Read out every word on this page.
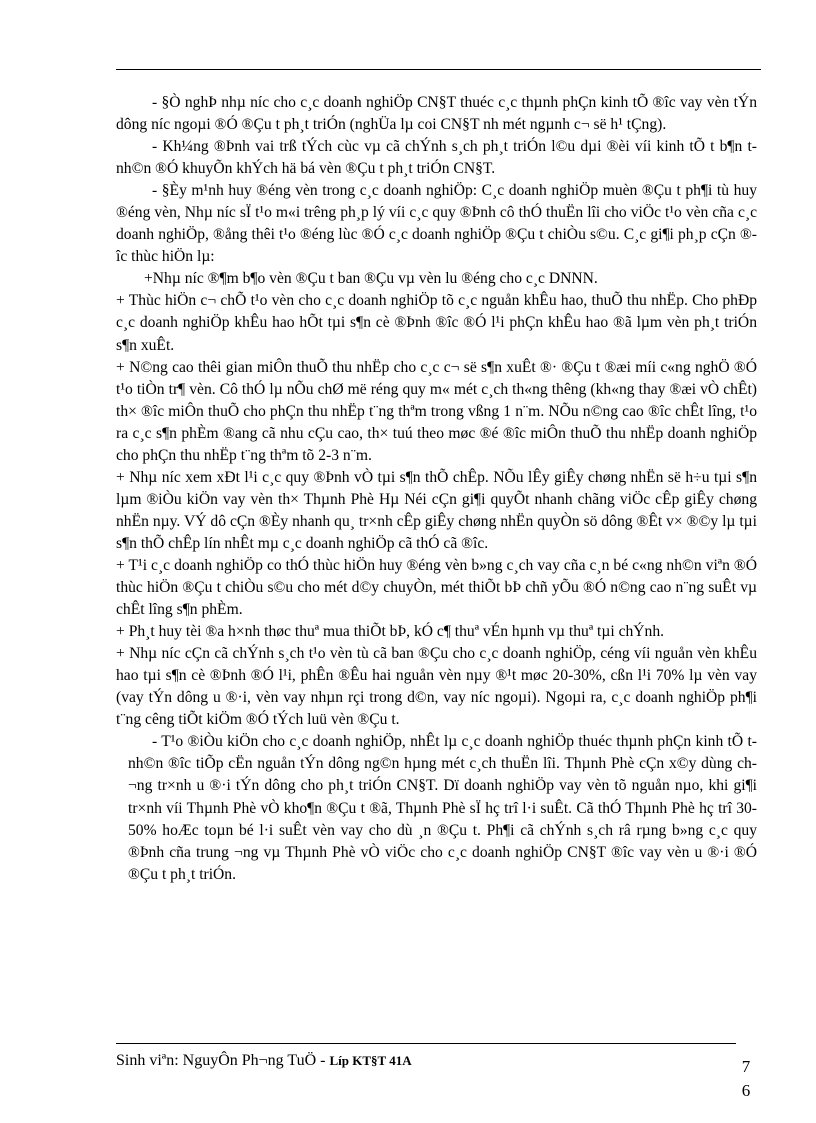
- §Ò nghÞ nhµ níc cho c¸c doanh nghiÖp CN§T thuéc c¸c thµnh phÇn kinh tÕ ®îc vay vèn tÝn dông níc ngoµi ®Ó ®Çu t ph¸t triÓn (nghÜa lµ coi CN§T nh mét ngµnh c¬ së h¹ tÇng).

- Kh¼ng ®Þnh vai trß tÝch cùc vµ cã chÝnh s¸ch ph¸t triÓn l©u dµi ®èi víi kinh tÕ t b¶n t nh©n ®Ó khuyÕn khÝch hä bá vèn ®Çu t ph¸t triÓn CN§T.

- §Èy m¹nh huy ®éng vèn trong c¸c doanh nghiÖp: C¸c doanh nghiÖp muèn ®Çu t ph¶i tù huy ®éng vèn, Nhµ níc sÏ t¹o m«i trêng ph¸p lý víi c¸c quy ®Þnh cô thÓ thuËn lîi cho viÖc t¹o vèn cña c¸c doanh nghiÖp, ®ång thêi t¹o ®éng lùc ®Ó c¸c doanh nghiÖp ®Çu t chiÒu s©u. C¸c gi¶i ph¸p cÇn ®îc thùc hiÖn lµ:

+Nhµ níc ®¶m b¶o vèn ®Çu t ban ®Çu vµ vèn lu ®éng cho c¸c DNNN.

+ Thùc hiÖn c¬ chÕ t¹o vèn cho c¸c doanh nghiÖp tõ c¸c nguån khÊu hao, thuÕ thu nhËp. Cho phÐp c¸c doanh nghiÖp khÊu hao hÕt tµi s¶n cè ®Þnh ®îc ®Ó l¹i phÇn khÊu hao ®ã lµm vèn ph¸t triÓn s¶n xuÊt.

+ N©ng cao thêi gian miÔn thuÕ thu nhËp cho c¸c c¬ së s¶n xuÊt ®· ®Çu t ®æi míi c«ng nghÖ ®Ó t¹o tiÒn tr¶ vèn. Cô thÓ lµ nÕu chØ më réng quy m« mét c¸ch th«ng thêng (kh«ng thay ®æi vÒ chÊt) th× ®îc miÔn thuÕ cho phÇn thu nhËp t¨ng thªm trong vßng 1 n¨m. NÕu n©ng cao ®îc chÊt lîng, t¹o ra c¸c s¶n phÈm ®ang cã nhu cÇu cao, th× tuú theo møc ®é ®îc miÔn thuÕ thu nhËp doanh nghiÖp cho phÇn thu nhËp t¨ng thªm tõ 2-3 n¨m.

+ Nhµ níc xem xÐt l¹i c¸c quy ®Þnh vÒ tµi s¶n thÕ chÊp. NÕu lÊy giÊy chøng nhËn së h÷u tµi s¶n lµm ®iÒu kiÖn vay vèn th× Thµnh Phè Hµ Néi cÇn gi¶i quyÕt nhanh chãng viÖc cÊp giÊy chøng nhËn nµy. VÝ dô cÇn ®Èy nhanh qu¸ tr×nh cÊp giÊy chøng nhËn quyÒn sö dông ®Êt v× ®©y lµ tµi s¶n thÕ chÊp lín nhÊt mµ c¸c doanh nghiÖp cã thÓ cã ®îc.

+ T¹i c¸c doanh nghiÖp co thÓ thùc hiÖn huy ®éng vèn b»ng c¸ch vay cña c¸n bé c«ng nh©n viªn ®Ó thùc hiÖn ®Çu t chiÒu s©u cho mét d©y chuyÒn, mét thiÕt bÞ chñ yÕu ®Ó n©ng cao n¨ng suÊt vµ chÊt lîng s¶n phÈm.

+ Ph¸t huy tèi ®a h×nh thøc thuª mua thiÕt bÞ, kÓ c¶ thuª vÉn hµnh vµ thuª tµi chÝnh.

+ Nhµ níc cÇn cã chÝnh s¸ch t¹o vèn tù cã ban ®Çu cho c¸c doanh nghiÖp, céng víi nguån vèn khÊu hao tµi s¶n cè ®Þnh ®Ó l¹i, phÊn ®Êu hai nguån vèn nµy ®¹t møc 20-30%, cßn l¹i 70% lµ vèn vay (vay tÝn dông u ®·i, vèn vay nhµn rçi trong d©n, vay níc ngoµi). Ngoµi ra, c¸c doanh nghiÖp ph¶i t¨ng cêng tiÕt kiÖm ®Ó tÝch luü vèn ®Çu t.

- T¹o ®iÒu kiÖn cho c¸c doanh nghiÖp, nhÊt lµ c¸c doanh nghiÖp thuéc thµnh phÇn kinh tÕ t nh©n ®îc tiÕp cËn nguån tÝn dông ng©n hµng mét c¸ch thuËn lîi. Thµnh Phè cÇn x©y dùng ch¬ng tr×nh u ®·i tÝn dông cho ph¸t triÓn CN§T. Dï doanh nghiÖp vay vèn tõ nguån nµo, khi gi¶i tr×nh víi Thµnh Phè vÒ kho¶n ®Çu t ®ã, Thµnh Phè sÏ hç trî l·i suÊt. Cã thÓ Thµnh Phè hç trî 30-50% hoÆc toµn bé l·i suÊt vèn vay cho dù ¸n ®Çu t. Ph¶i cã chÝnh s¸ch râ rµng b»ng c¸c quy ®Þnh cña trung ¬ng vµ Thµnh Phè vÒ viÖc cho c¸c doanh nghiÖp CN§T ®îc vay vèn u ®·i ®Ó ®Çu t ph¸t triÓn.

Sinh viªn: NguyÔn Ph¬ng TuÖ - Líp KT§T 41A	7
6
